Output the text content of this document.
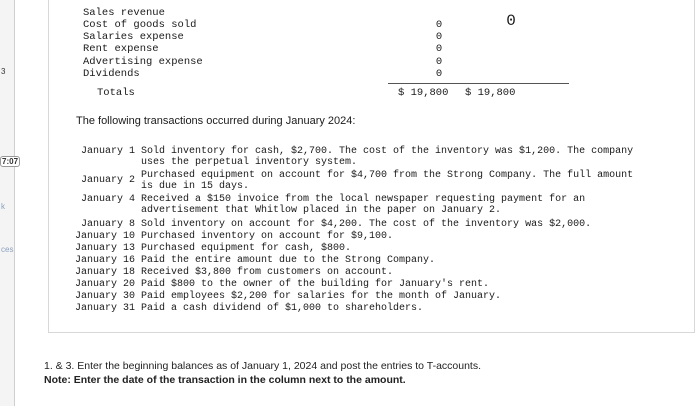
3
7:07
k
ces
0
Sales revenue
Cost of goods sold	0
Salaries expense	0
Rent expense	0
Advertising expense	0
Dividends	0
Totals	$ 19,800 $ 19,800
The following transactions occurred during January 2024:
January 1 Sold inventory for cash, $2,700. The cost of the inventory was $1,200. The company
uses the perpetual inventory system.
January 2 Purchased equipment on account for $4,700 from the Strong Company. The full amount
is due in 15 days.
January 4 Received a $150 invoice from the local newspaper requesting payment for an
advertisement that Whitlow placed in the paper on January 2.
January 8 Sold inventory on account for $4,200. The cost of the inventory was $2,000.
January 10 Purchased inventory on account for $9,100.
January 13 Purchased equipment for cash, $800.
January 16 Paid the entire amount due to the Strong Company.
January 18 Received $3,800 from customers on account.
January 20 Paid $800 to the owner of the building for January's rent.
January 30 Paid employees $2,200 for salaries for the month of January.
January 31 Paid a cash dividend of $1,000 to shareholders.
1. & 3. Enter the beginning balances as of January 1, 2024 and post the entries to T-accounts.
Note: Enter the date of the transaction in the column next to the amount.
